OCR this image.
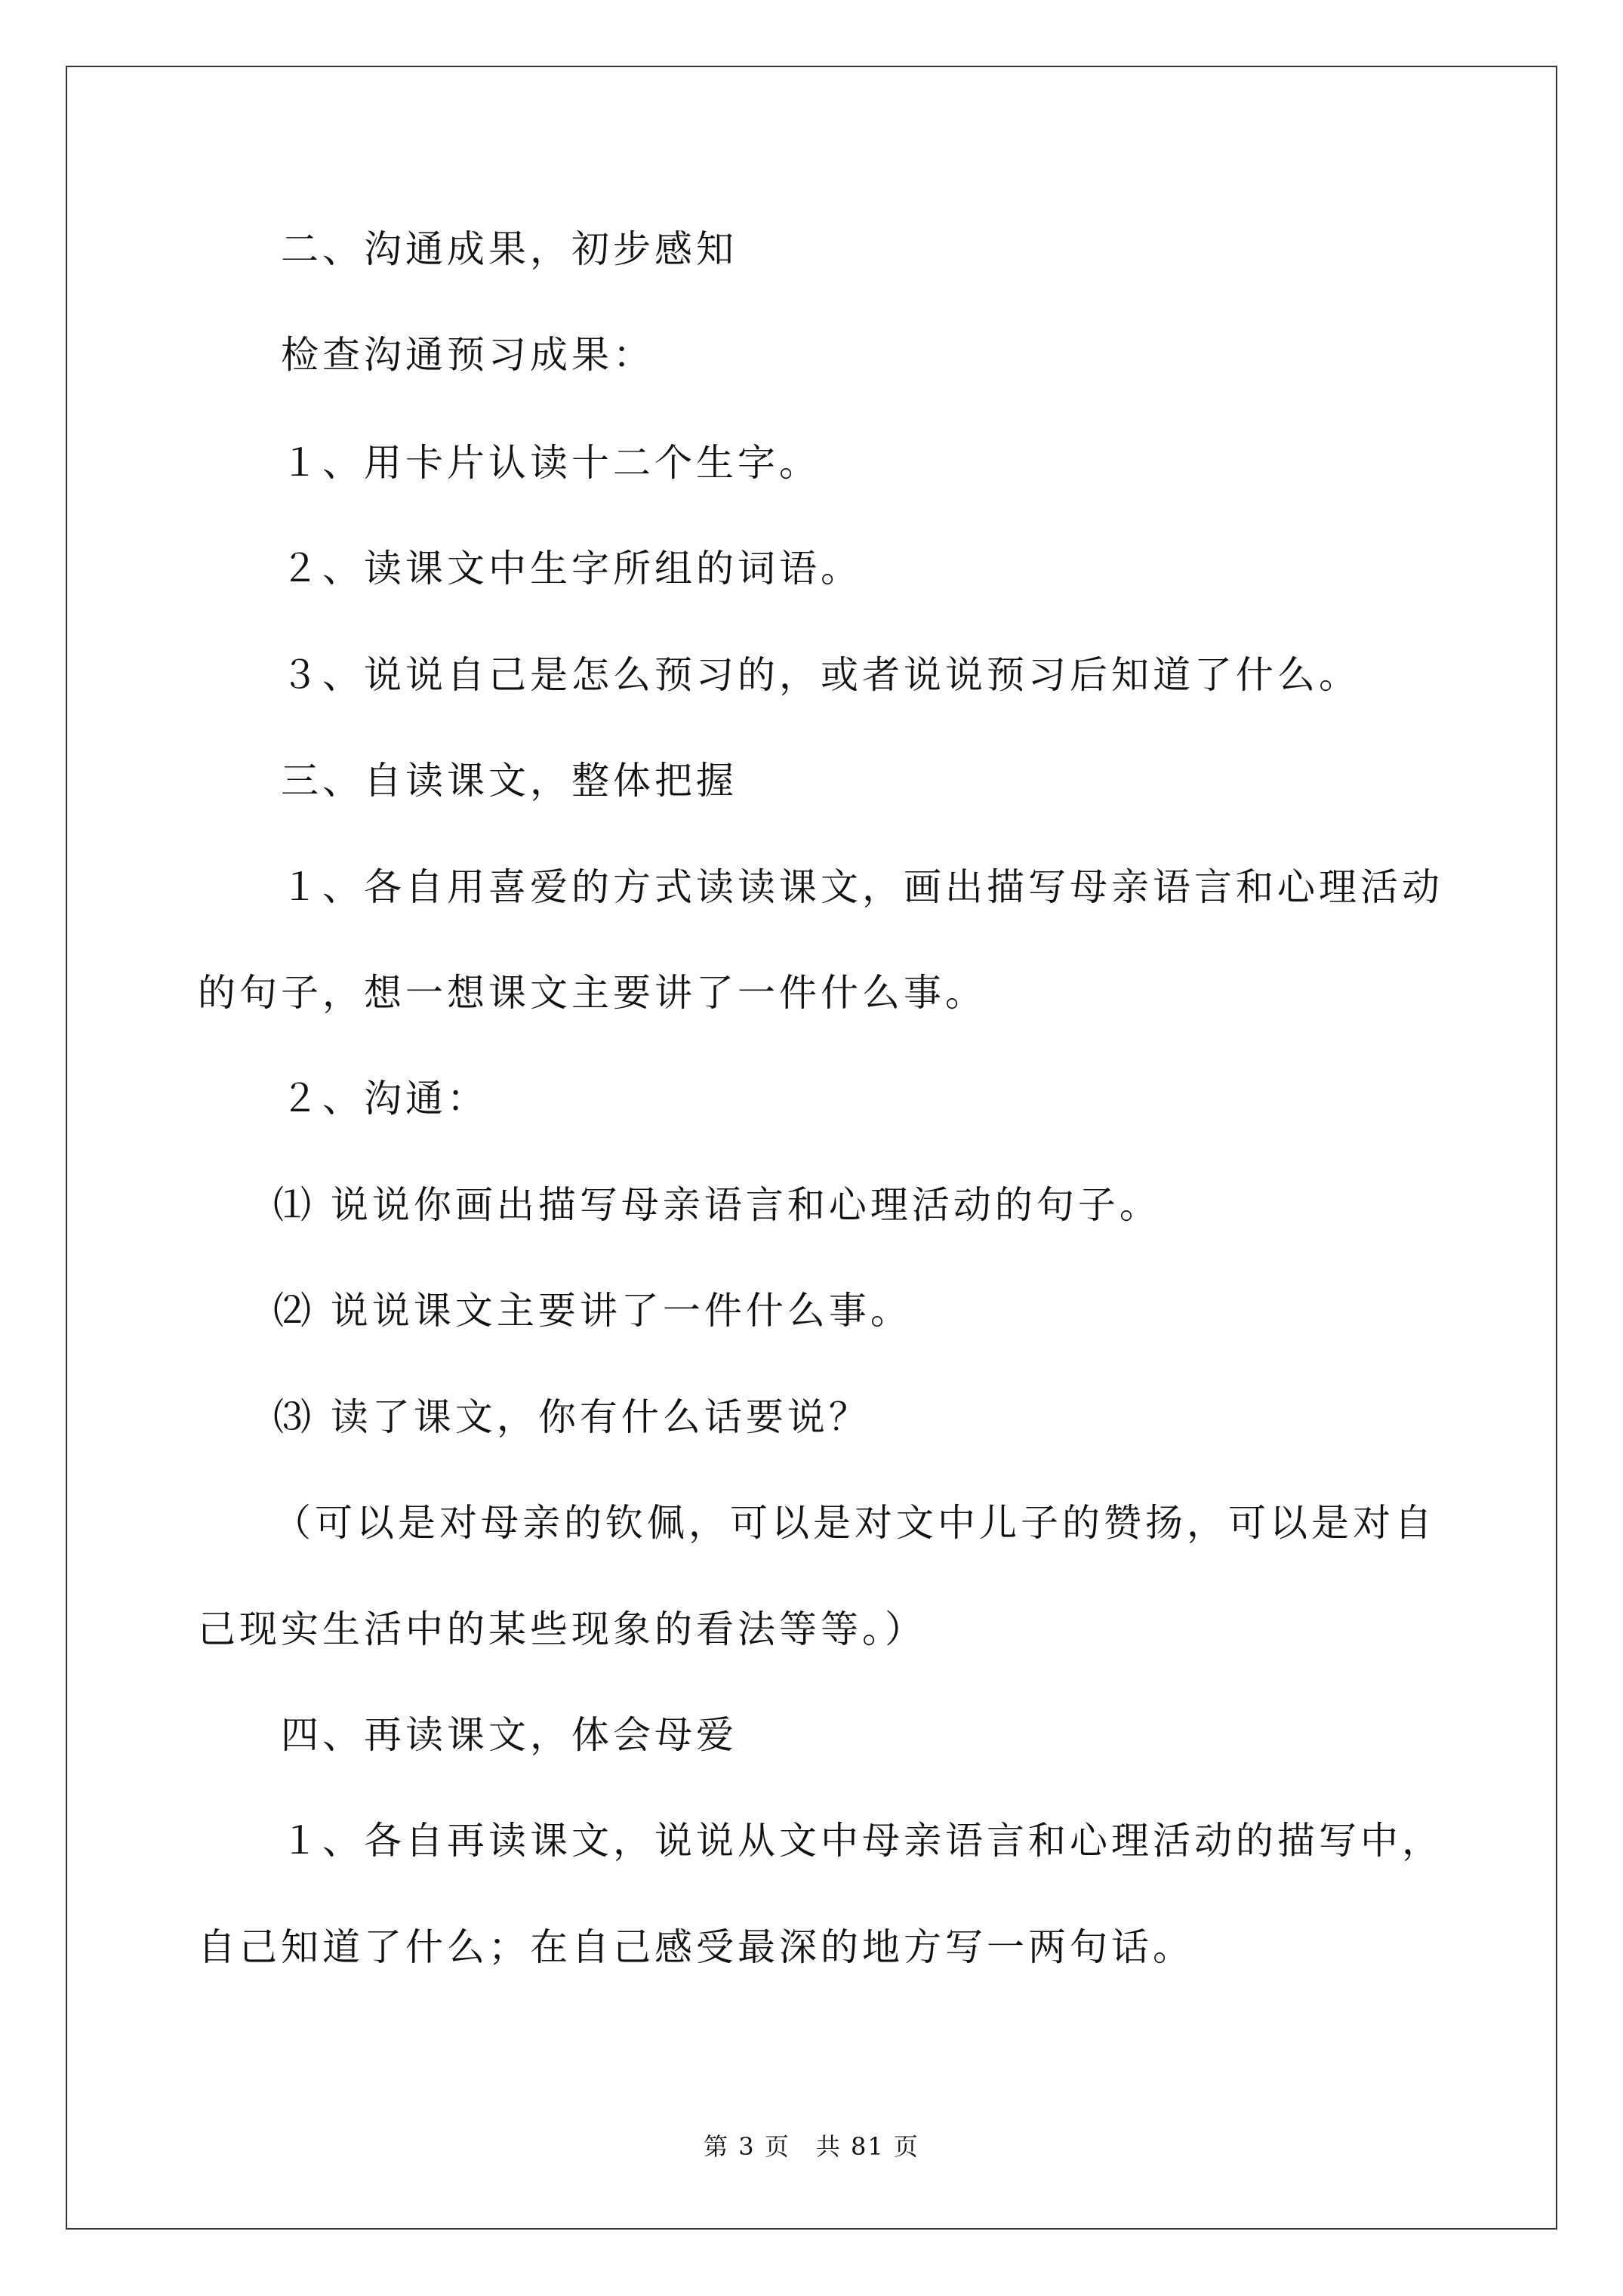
二、沟通成果，初步感知
检查沟通预习成果：
１、用卡片认读十二个生字。
２、读课文中生字所组的词语。
３、说说自己是怎么预习的，或者说说预习后知道了什么。
三、自读课文，整体把握
１、各自用喜爱的方式读读课文，画出描写母亲语言和心理活动
的句子，想一想课文主要讲了一件什么事。
２、沟通：
⑴ 说说你画出描写母亲语言和心理活动的句子。
⑵ 说说课文主要讲了一件什么事。
⑶ 读了课文，你有什么话要说？
（可以是对母亲的钦佩，可以是对文中儿子的赞扬，可以是对自
己现实生活中的某些现象的看法等等。）
四、再读课文，体会母爱
１、各自再读课文，说说从文中母亲语言和心理活动的描写中，
自己知道了什么；在自己感受最深的地方写一两句话。
第 3 页　共 81 页
